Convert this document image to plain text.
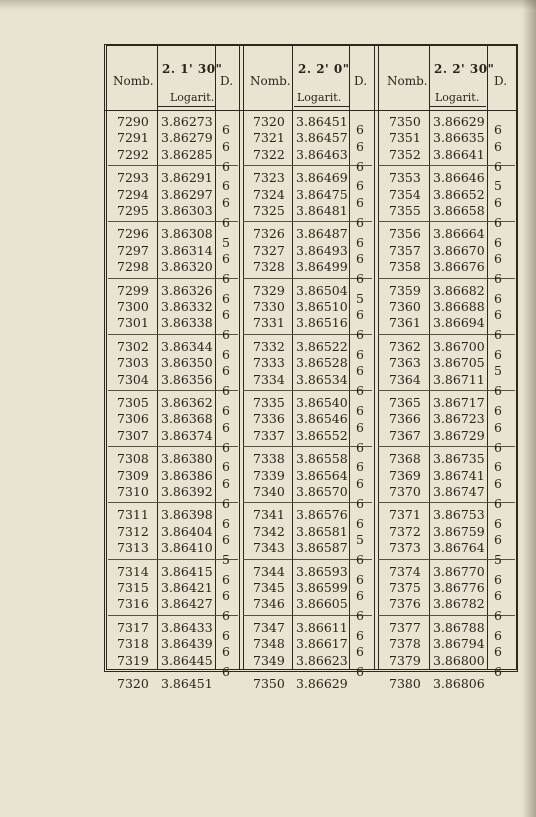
Nomb.
2. 1' 30"
Logarit.
D. Nomb.
2. 2' 0"
Logarit.
D. Nomb.
2. 2' 30"
Logarit.
D.
7290 3.86273
7291 3.86279
7292 3.86285
7293 3.86291
7294 3.86297
7295 3.86303
7296 3.86308
7297 3.86314
7298 3.86320
7299 3.86326
7300 3.86332
7301 3.86338
7302 3.86344
7303 3.86350
7304 3.86356
7305 3.86362
7306 3.86368
7307 3.86374
7308 3.86380
7309 3.86386
7310 3.86392
7311 3.86398
7312 3.86404
7313 3.86410
7314 3.86415
7315 3.86421
7316 3.86427
7317 3.86433
7318 3.86439
7319 3.86445
7320 3.86451
6
6
6
6
6
6
5
6
6
6
6
6
6
6
6
6
6
6
6
6
6
6
6
5
6
6
6
6
6
6
7320 3.86451
7321 3.86457
7322 3.86463
7323 3.86469
7324 3.86475
7325 3.86481
7326 3.86487
7327 3.86493
7328 3.86499
7329 3.86504
7330 3.86510
7331 3.86516
7332 3.86522
7333 3.86528
7334 3.86534
7335 3.86540
7336 3.86546
7337 3.86552
7338 3.86558
7339 3.86564
7340 3.86570
7341 3.86576
7342 3.86581
7343 3.86587
7344 3.86593
7345 3.86599
7346 3.86605
7347 3.86611
7348 3.86617
7349 3.86623
7350 3.86629
6
6
6
6
6
6
6
6
6
5
6
6
6
6
6
6
6
6
6
6
6
6
5
6
6
6
6
6
6
6
7350 3.86629
7351 3.86635
7352 3.86641
7353 3.86646
7354 3.86652
7355 3.86658
7356 3.86664
7357 3.86670
7358 3.86676
7359 3.86682
7360 3.86688
7361 3.86694
7362 3.86700
7363 3.86705
7364 3.86711
7365 3.86717
7366 3.86723
7367 3.86729
7368 3.86735
7369 3.86741
7370 3.86747
7371 3.86753
7372 3.86759
7373 3.86764
7374 3.86770
7375 3.86776
7376 3.86782
7377 3.86788
7378 3.86794
7379 3.86800
7380 3.86806
6
6
6
5
6
6
6
6
6
6
6
6
6
5
6
6
6
6
6
6
6
6
6
5
6
6
6
6
6
6
